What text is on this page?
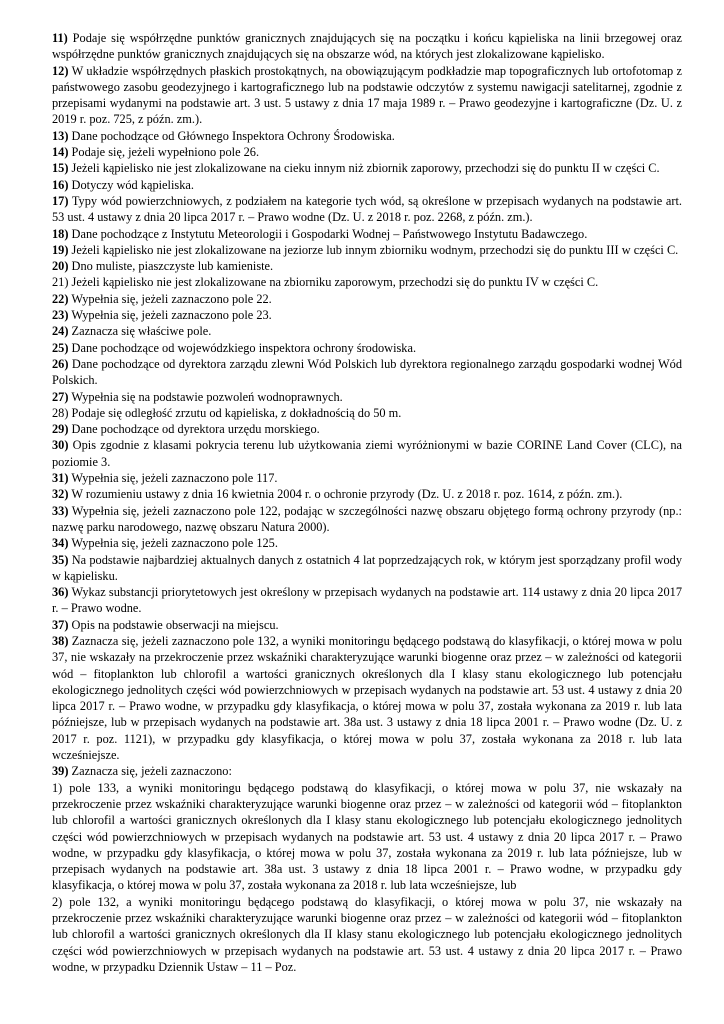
11) Podaje się współrzędne punktów granicznych znajdujących się na początku i końcu kąpieliska na linii brzegowej oraz współrzędne punktów granicznych znajdujących się na obszarze wód, na których jest zlokalizowane kąpielisko.

12) W układzie współrzędnych płaskich prostokątnych, na obowiązującym podkładzie map topograficznych lub ortofotomap z państwowego zasobu geodezyjnego i kartograficznego lub na podstawie odczytów z systemu nawigacji satelitarnej, zgodnie z przepisami wydanymi na podstawie art. 3 ust. 5 ustawy z dnia 17 maja 1989 r. – Prawo geodezyjne i kartograficzne (Dz. U. z 2019 r. poz. 725, z późn. zm.).

13) Dane pochodzące od Głównego Inspektora Ochrony Środowiska.

14) Podaje się, jeżeli wypełniono pole 26.

15) Jeżeli kąpielisko nie jest zlokalizowane na cieku innym niż zbiornik zaporowy, przechodzi się do punktu II w części C.

16) Dotyczy wód kąpieliska.

17) Typy wód powierzchniowych, z podziałem na kategorie tych wód, są określone w przepisach wydanych na podstawie art. 53 ust. 4 ustawy z dnia 20 lipca 2017 r. – Prawo wodne (Dz. U. z 2018 r. poz. 2268, z późn. zm.).

18) Dane pochodzące z Instytutu Meteorologii i Gospodarki Wodnej – Państwowego Instytutu Badawczego.

19) Jeżeli kąpielisko nie jest zlokalizowane na jeziorze lub innym zbiorniku wodnym, przechodzi się do punktu III w części C.

20) Dno muliste, piaszczyste lub kamieniste.

21) Jeżeli kąpielisko nie jest zlokalizowane na zbiorniku zaporowym, przechodzi się do punktu IV w części C.

22) Wypełnia się, jeżeli zaznaczono pole 22.

23) Wypełnia się, jeżeli zaznaczono pole 23.

24) Zaznacza się właściwe pole.

25) Dane pochodzące od wojewódzkiego inspektora ochrony środowiska.

26) Dane pochodzące od dyrektora zarządu zlewni Wód Polskich lub dyrektora regionalnego zarządu gospodarki wodnej Wód Polskich.

27) Wypełnia się na podstawie pozwoleń wodnoprawnych.

28) Podaje się odległość zrzutu od kąpieliska, z dokładnością do 50 m.

29) Dane pochodzące od dyrektora urzędu morskiego.

30) Opis zgodnie z klasami pokrycia terenu lub użytkowania ziemi wyróżnionymi w bazie CORINE Land Cover (CLC), na poziomie 3.

31) Wypełnia się, jeżeli zaznaczono pole 117.

32) W rozumieniu ustawy z dnia 16 kwietnia 2004 r. o ochronie przyrody (Dz. U. z 2018 r. poz. 1614, z późn. zm.).

33) Wypełnia się, jeżeli zaznaczono pole 122, podając w szczególności nazwę obszaru objętego formą ochrony przyrody (np.: nazwę parku narodowego, nazwę obszaru Natura 2000).

34) Wypełnia się, jeżeli zaznaczono pole 125.

35) Na podstawie najbardziej aktualnych danych z ostatnich 4 lat poprzedzających rok, w którym jest sporządzany profil wody w kąpielisku.

36) Wykaz substancji priorytetowych jest określony w przepisach wydanych na podstawie art. 114 ustawy z dnia 20 lipca 2017 r. – Prawo wodne.

37) Opis na podstawie obserwacji na miejscu.

38) Zaznacza się, jeżeli zaznaczono pole 132, a wyniki monitoringu będącego podstawą do klasyfikacji, o której mowa w polu 37, nie wskazały na przekroczenie przez wskaźniki charakteryzujące warunki biogenne oraz przez – w zależności od kategorii wód – fitoplankton lub chlorofil a wartości granicznych określonych dla I klasy stanu ekologicznego lub potencjału ekologicznego jednolitych części wód powierzchniowych w przepisach wydanych na podstawie art. 53 ust. 4 ustawy z dnia 20 lipca 2017 r. – Prawo wodne, w przypadku gdy klasyfikacja, o której mowa w polu 37, została wykonana za 2019 r. lub lata późniejsze, lub w przepisach wydanych na podstawie art. 38a ust. 3 ustawy z dnia 18 lipca 2001 r. – Prawo wodne (Dz. U. z 2017 r. poz. 1121), w przypadku gdy klasyfikacja, o której mowa w polu 37, została wykonana za 2018 r. lub lata wcześniejsze.

39) Zaznacza się, jeżeli zaznaczono:

1) pole 133, a wyniki monitoringu będącego podstawą do klasyfikacji, o której mowa w polu 37, nie wskazały na przekroczenie przez wskaźniki charakteryzujące warunki biogenne oraz przez – w zależności od kategorii wód – fitoplankton lub chlorofil a wartości granicznych określonych dla I klasy stanu ekologicznego lub potencjału ekologicznego jednolitych części wód powierzchniowych w przepisach wydanych na podstawie art. 53 ust. 4 ustawy z dnia 20 lipca 2017 r. – Prawo wodne, w przypadku gdy klasyfikacja, o której mowa w polu 37, została wykonana za 2019 r. lub lata późniejsze, lub w przepisach wydanych na podstawie art. 38a ust. 3 ustawy z dnia 18 lipca 2001 r. – Prawo wodne, w przypadku gdy klasyfikacja, o której mowa w polu 37, została wykonana za 2018 r. lub lata wcześniejsze, lub

2) pole 132, a wyniki monitoringu będącego podstawą do klasyfikacji, o której mowa w polu 37, nie wskazały na przekroczenie przez wskaźniki charakteryzujące warunki biogenne oraz przez – w zależności od kategorii wód – fitoplankton lub chlorofil a wartości granicznych określonych dla II klasy stanu ekologicznego lub potencjału ekologicznego jednolitych części wód powierzchniowych w przepisach wydanych na podstawie art. 53 ust. 4 ustawy z dnia 20 lipca 2017 r. – Prawo wodne, w przypadku Dziennik Ustaw – 11 – Poz.
